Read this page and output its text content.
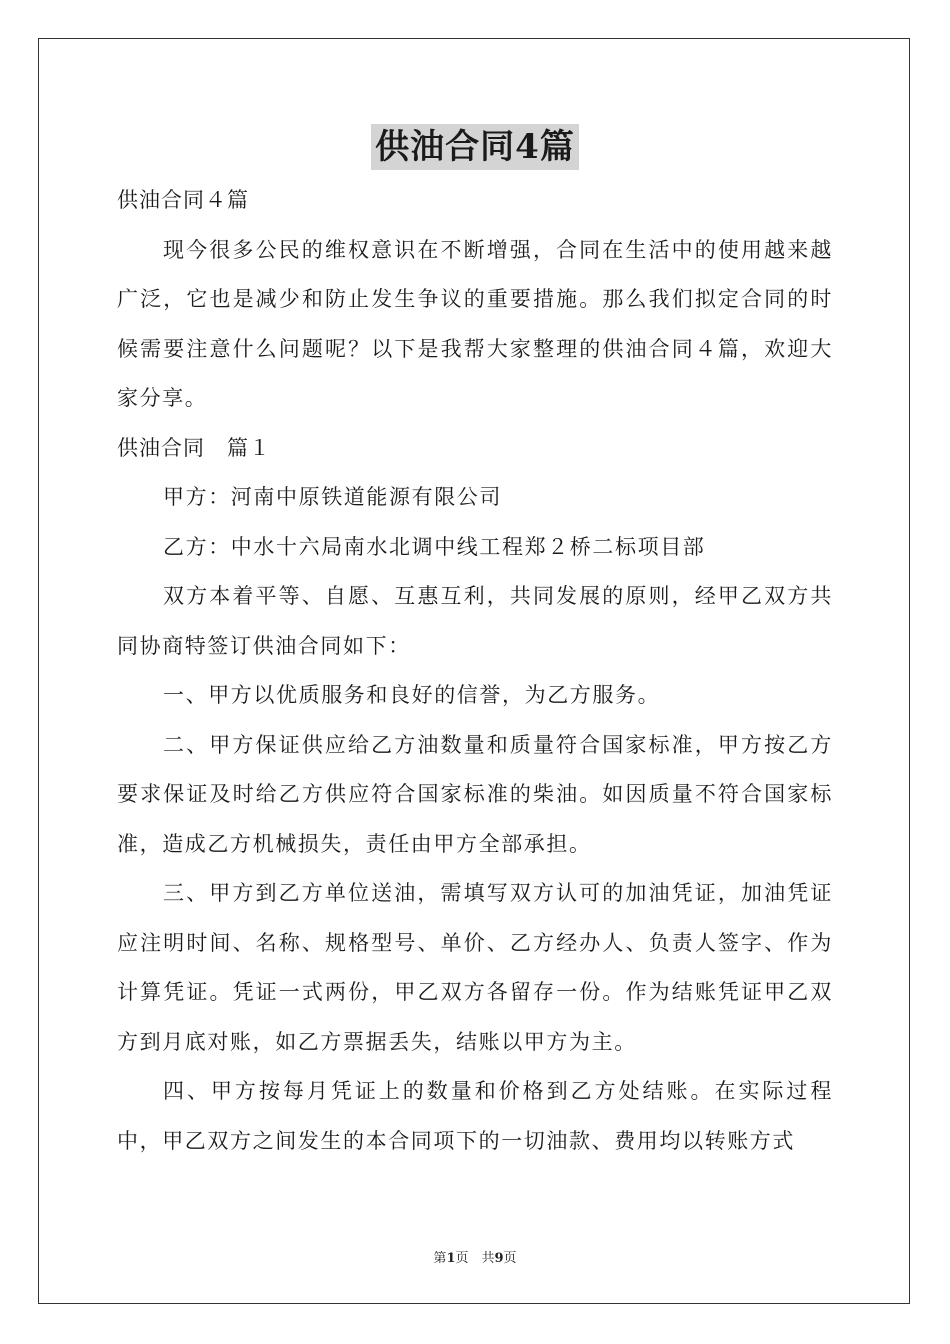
供油合同4篇

供油合同４篇

现今很多公民的维权意识在不断增强，合同在生活中的使用越来越广泛，它也是减少和防止发生争议的重要措施。那么我们拟定合同的时候需要注意什么问题呢？以下是我帮大家整理的供油合同４篇，欢迎大家分享。

供油合同　篇１

甲方：河南中原铁道能源有限公司

乙方：中水十六局南水北调中线工程郑２桥二标项目部

双方本着平等、自愿、互惠互利，共同发展的原则，经甲乙双方共同协商特签订供油合同如下：

一、甲方以优质服务和良好的信誉，为乙方服务。

二、甲方保证供应给乙方油数量和质量符合国家标准，甲方按乙方要求保证及时给乙方供应符合国家标准的柴油。如因质量不符合国家标准，造成乙方机械损失，责任由甲方全部承担。

三、甲方到乙方单位送油，需填写双方认可的加油凭证，加油凭证应注明时间、名称、规格型号、单价、乙方经办人、负责人签字、作为计算凭证。凭证一式两份，甲乙双方各留存一份。作为结账凭证甲乙双方到月底对账，如乙方票据丢失，结账以甲方为主。

四、甲方按每月凭证上的数量和价格到乙方处结账。在实际过程中，甲乙双方之间发生的本合同项下的一切油款、费用均以转账方式

第1页　共9页
